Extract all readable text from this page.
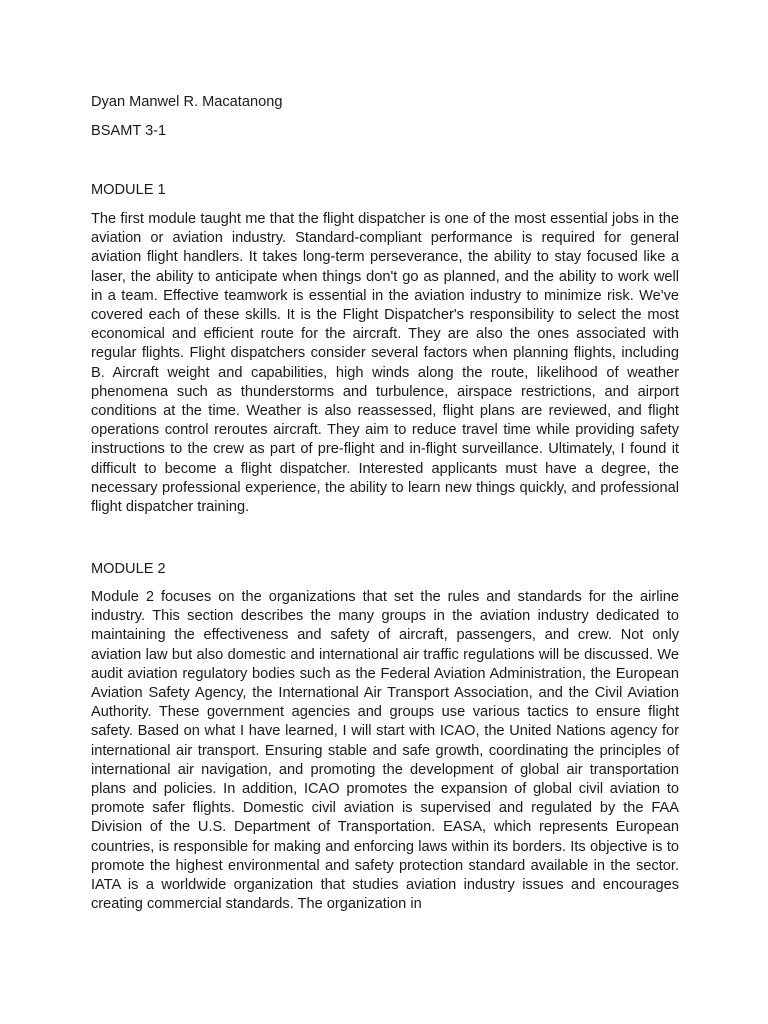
Dyan Manwel R. Macatanong

BSAMT 3-1

MODULE 1

The first module taught me that the flight dispatcher is one of the most essential jobs in the aviation or aviation industry. Standard-compliant performance is required for general aviation flight handlers. It takes long-term perseverance, the ability to stay focused like a laser, the ability to anticipate when things don't go as planned, and the ability to work well in a team. Effective teamwork is essential in the aviation industry to minimize risk. We've covered each of these skills. It is the Flight Dispatcher's responsibility to select the most economical and efficient route for the aircraft. They are also the ones associated with regular flights. Flight dispatchers consider several factors when planning flights, including B. Aircraft weight and capabilities, high winds along the route, likelihood of weather phenomena such as thunderstorms and turbulence, airspace restrictions, and airport conditions at the time. Weather is also reassessed, flight plans are reviewed, and flight operations control reroutes aircraft. They aim to reduce travel time while providing safety instructions to the crew as part of pre-flight and in-flight surveillance. Ultimately, I found it difficult to become a flight dispatcher. Interested applicants must have a degree, the necessary professional experience, the ability to learn new things quickly, and professional flight dispatcher training.

MODULE 2

Module 2 focuses on the organizations that set the rules and standards for the airline industry. This section describes the many groups in the aviation industry dedicated to maintaining the effectiveness and safety of aircraft, passengers, and crew. Not only aviation law but also domestic and international air traffic regulations will be discussed. We audit aviation regulatory bodies such as the Federal Aviation Administration, the European Aviation Safety Agency, the International Air Transport Association, and the Civil Aviation Authority. These government agencies and groups use various tactics to ensure flight safety. Based on what I have learned, I will start with ICAO, the United Nations agency for international air transport. Ensuring stable and safe growth, coordinating the principles of international air navigation, and promoting the development of global air transportation plans and policies. In addition, ICAO promotes the expansion of global civil aviation to promote safer flights. Domestic civil aviation is supervised and regulated by the FAA Division of the U.S. Department of Transportation. EASA, which represents European countries, is responsible for making and enforcing laws within its borders. Its objective is to promote the highest environmental and safety protection standard available in the sector. IATA is a worldwide organization that studies aviation industry issues and encourages creating commercial standards. The organization in
